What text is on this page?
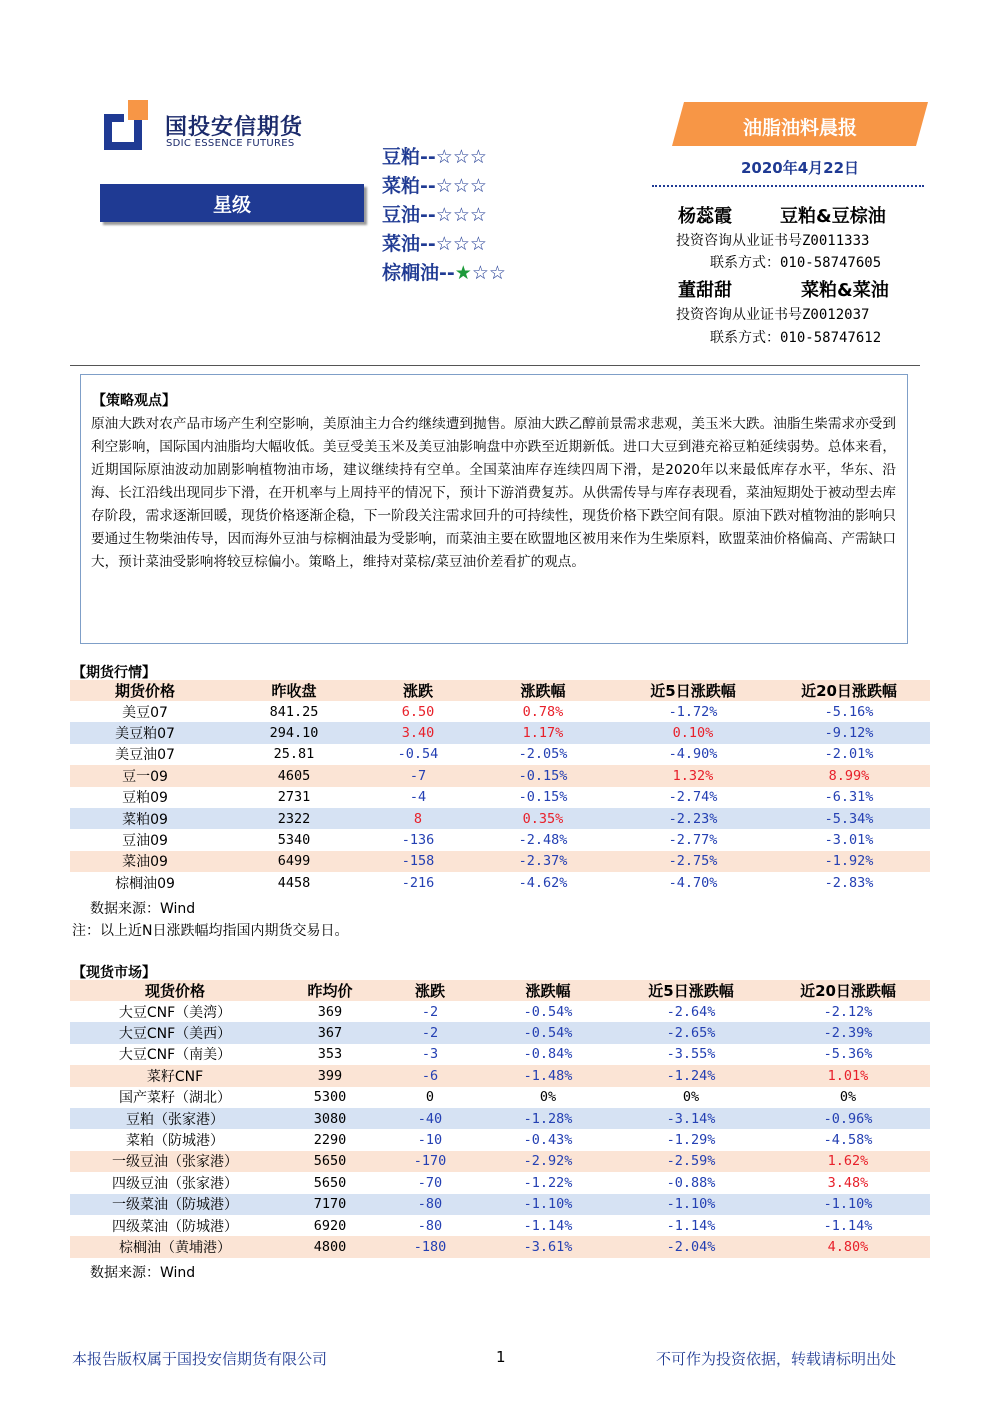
国投安信期货
SDIC ESSENCE FUTURES
星级
豆粕--☆☆☆
菜粕--☆☆☆
豆油--☆☆☆
菜油--☆☆☆
棕榈油--★☆☆
油脂油料晨报
2020年4月22日
杨蕊霞	豆粕&豆棕油
投资咨询从业证书号Z0011333
联系方式：010-58747605
董甜甜	菜粕&菜油
投资咨询从业证书号Z0012037
联系方式：010-58747612
【策略观点】
原油大跌对农产品市场产生利空影响，美原油主力合约继续遭到抛售。原油大跌乙醇前景需求悲观，美玉米大跌。油脂生柴需求亦受到利空影响，国际国内油脂均大幅收低。美豆受美玉米及美豆油影响盘中亦跌至近期新低。进口大豆到港充裕豆粕延续弱势。总体来看，近期国际原油波动加剧影响植物油市场，建议继续持有空单。全国菜油库存连续四周下滑，是2020年以来最低库存水平，华东、沿海、长江沿线出现同步下滑，在开机率与上周持平的情况下，预计下游消费复苏。从供需传导与库存表现看，菜油短期处于被动型去库存阶段，需求逐渐回暖，现货价格逐渐企稳，下一阶段关注需求回升的可持续性，现货价格下跌空间有限。原油下跌对植物油的影响只要通过生物柴油传导，因而海外豆油与棕榈油最为受影响，而菜油主要在欧盟地区被用来作为生柴原料，欧盟菜油价格偏高、产需缺口大，预计菜油受影响将较豆棕偏小。策略上，维持对菜棕/菜豆油价差看扩的观点。
【期货行情】
期货价格	昨收盘	涨跌	涨跌幅	近5日涨跌幅	近20日涨跌幅
美豆07	841.25	6.50	0.78%	-1.72%	-5.16%
美豆粕07	294.10	3.40	1.17%	0.10%	-9.12%
美豆油07	25.81	-0.54	-2.05%	-4.90%	-2.01%
豆一09	4605	-7	-0.15%	1.32%	8.99%
豆粕09	2731	-4	-0.15%	-2.74%	-6.31%
菜粕09	2322	8	0.35%	-2.23%	-5.34%
豆油09	5340	-136	-2.48%	-2.77%	-3.01%
菜油09	6499	-158	-2.37%	-2.75%	-1.92%
棕榈油09	4458	-216	-4.62%	-4.70%	-2.83%
数据来源：Wind
注：以上近N日涨跌幅均指国内期货交易日。
【现货市场】
现货价格	昨均价	涨跌	涨跌幅	近5日涨跌幅	近20日涨跌幅
大豆CNF（美湾）	369	-2	-0.54%	-2.64%	-2.12%
大豆CNF（美西）	367	-2	-0.54%	-2.65%	-2.39%
大豆CNF（南美）	353	-3	-0.84%	-3.55%	-5.36%
菜籽CNF	399	-6	-1.48%	-1.24%	1.01%
国产菜籽（湖北）	5300	0	0%	0%	0%
豆粕（张家港）	3080	-40	-1.28%	-3.14%	-0.96%
菜粕（防城港）	2290	-10	-0.43%	-1.29%	-4.58%
一级豆油（张家港）	5650	-170	-2.92%	-2.59%	1.62%
四级豆油（张家港）	5650	-70	-1.22%	-0.88%	3.48%
一级菜油（防城港）	7170	-80	-1.10%	-1.10%	-1.10%
四级菜油（防城港）	6920	-80	-1.14%	-1.14%	-1.14%
棕榈油（黄埔港）	4800	-180	-3.61%	-2.04%	4.80%
数据来源：Wind
本报告版权属于国投安信期货有限公司	1	不可作为投资依据，转载请标明出处
